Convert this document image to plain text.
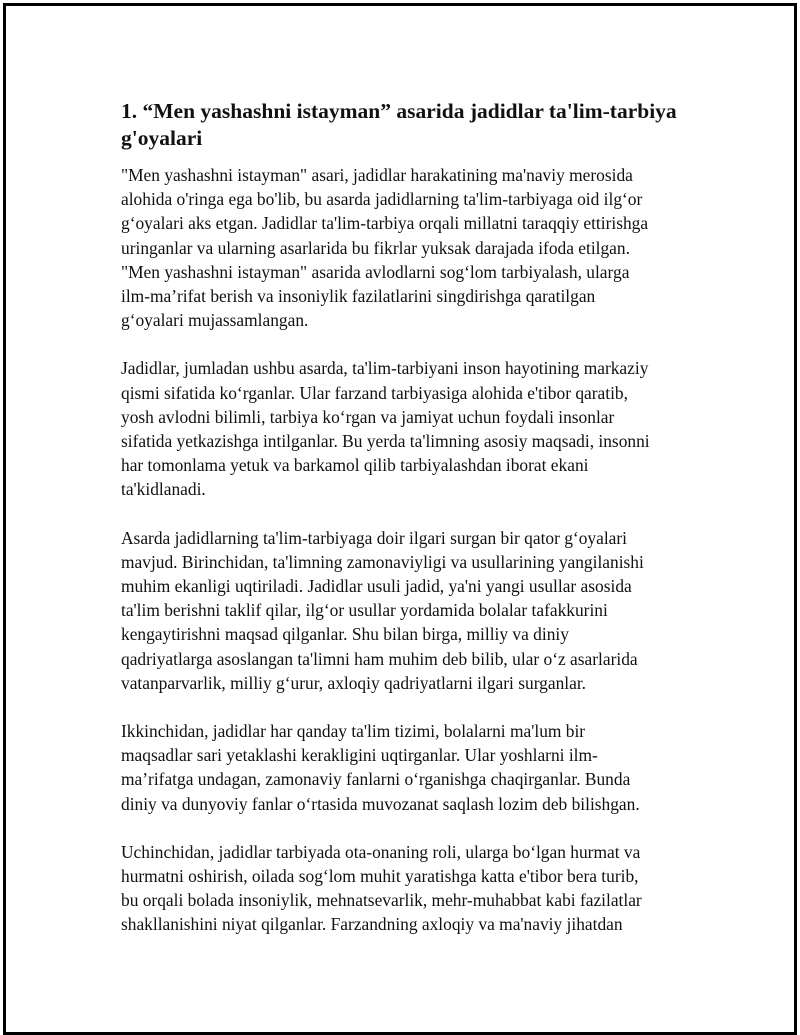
1. “Men yashashni istayman” asarida jadidlar ta'lim-tarbiya
g'oyalari

"Men yashashni istayman" asari, jadidlar harakatining ma'naviy merosida
alohida o'ringa ega bo'lib, bu asarda jadidlarning ta'lim-tarbiyaga oid ilg‘or
g‘oyalari aks etgan. Jadidlar ta'lim-tarbiya orqali millatni taraqqiy ettirishga
uringanlar va ularning asarlarida bu fikrlar yuksak darajada ifoda etilgan.
"Men yashashni istayman" asarida avlodlarni sog‘lom tarbiyalash, ularga
ilm-ma’rifat berish va insoniylik fazilatlarini singdirishga qaratilgan
g‘oyalari mujassamlangan.

Jadidlar, jumladan ushbu asarda, ta'lim-tarbiyani inson hayotining markaziy
qismi sifatida ko‘rganlar. Ular farzand tarbiyasiga alohida e'tibor qaratib,
yosh avlodni bilimli, tarbiya ko‘rgan va jamiyat uchun foydali insonlar
sifatida yetkazishga intilganlar. Bu yerda ta'limning asosiy maqsadi, insonni
har tomonlama yetuk va barkamol qilib tarbiyalashdan iborat ekani
ta'kidlanadi.

Asarda jadidlarning ta'lim-tarbiyaga doir ilgari surgan bir qator g‘oyalari
mavjud. Birinchidan, ta'limning zamonaviyligi va usullarining yangilanishi
muhim ekanligi uqtiriladi. Jadidlar usuli jadid, ya'ni yangi usullar asosida
ta'lim berishni taklif qilar, ilg‘or usullar yordamida bolalar tafakkurini
kengaytirishni maqsad qilganlar. Shu bilan birga, milliy va diniy
qadriyatlarga asoslangan ta'limni ham muhim deb bilib, ular o‘z asarlarida
vatanparvarlik, milliy g‘urur, axloqiy qadriyatlarni ilgari surganlar.

Ikkinchidan, jadidlar har qanday ta'lim tizimi, bolalarni ma'lum bir
maqsadlar sari yetaklashi kerakligini uqtirganlar. Ular yoshlarni ilm-
ma’rifatga undagan, zamonaviy fanlarni o‘rganishga chaqirganlar. Bunda
diniy va dunyoviy fanlar o‘rtasida muvozanat saqlash lozim deb bilishgan.

Uchinchidan, jadidlar tarbiyada ota-onaning roli, ularga bo‘lgan hurmat va
hurmatni oshirish, oilada sog‘lom muhit yaratishga katta e'tibor bera turib,
bu orqali bolada insoniylik, mehnatsevarlik, mehr-muhabbat kabi fazilatlar
shakllanishini niyat qilganlar. Farzandning axloqiy va ma'naviy jihatdan
